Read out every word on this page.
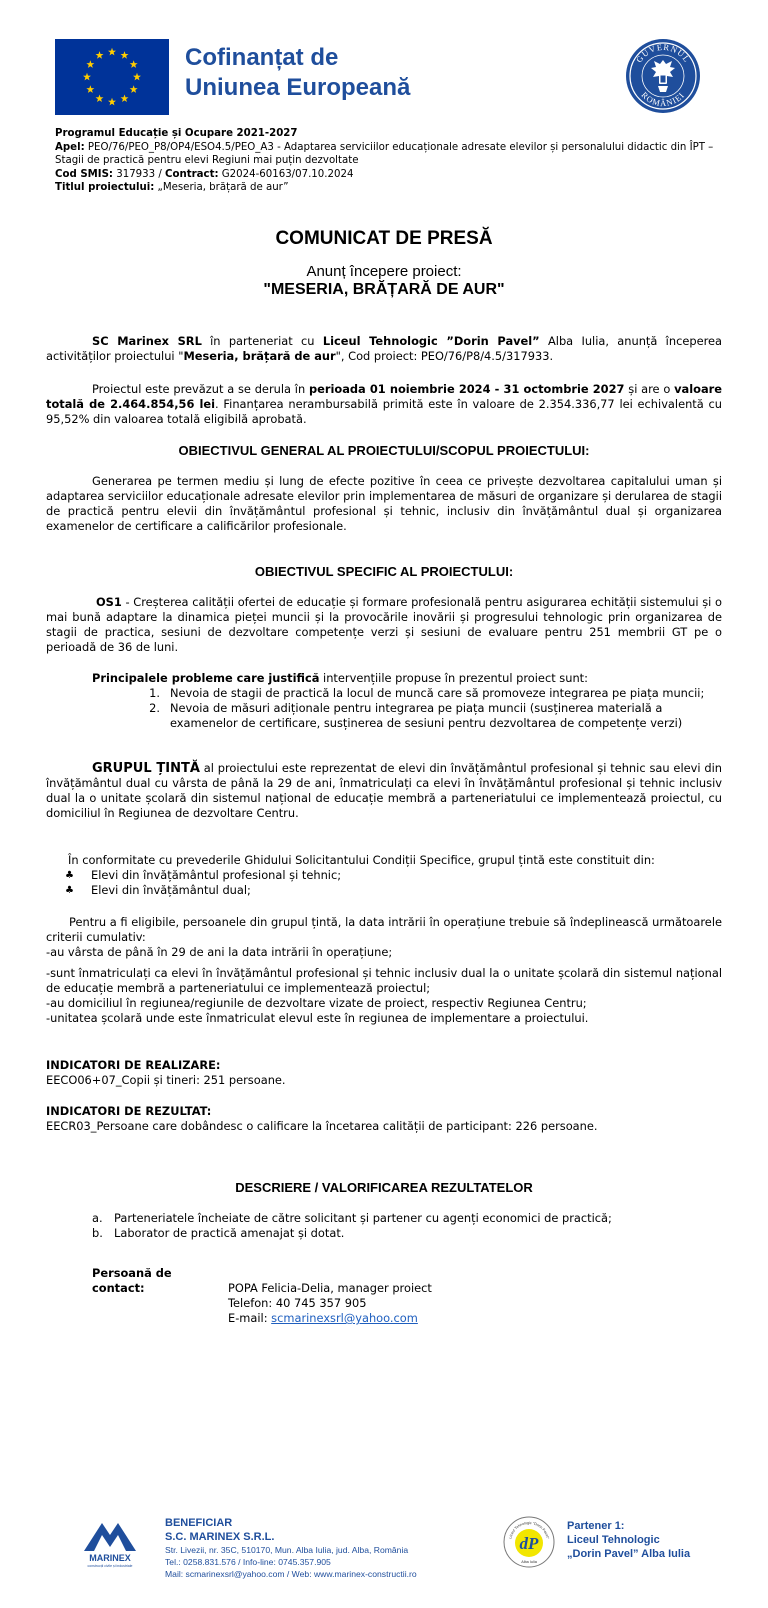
Cofinanțat de
Uniunea Europeană
GUVERNUL
ROMÂNIEI
Programul Educație și Ocupare 2021-2027
Apel: PEO/76/PEO_P8/OP4/ESO4.5/PEO_A3 - Adaptarea serviciilor educaționale adresate elevilor și personalului didactic din ÎPT – Stagii de practică pentru elevi Regiuni mai puțin dezvoltate
Cod SMIS: 317933 / Contract: G2024-60163/07.10.2024
Titlul proiectului: „Meseria, brățară de aur”
COMUNICAT DE PRESĂ
Anunț începere proiect:
"MESERIA, BRĂȚARĂ DE AUR"
SC Marinex SRL în parteneriat cu Liceul Tehnologic ”Dorin Pavel” Alba Iulia, anunță începerea activităților proiectului "Meseria, brățară de aur", Cod proiect: PEO/76/P8/4.5/317933.
Proiectul este prevăzut a se derula în perioada 01 noiembrie 2024 - 31 octombrie 2027 și are o valoare totală de 2.464.854,56 lei. Finanțarea nerambursabilă primită este în valoare de 2.354.336,77 lei echivalentă cu 95,52% din valoarea totală eligibilă aprobată.
OBIECTIVUL GENERAL AL PROIECTULUI/SCOPUL PROIECTULUI:
Generarea pe termen mediu și lung de efecte pozitive în ceea ce privește dezvoltarea capitalului uman și adaptarea serviciilor educaționale adresate elevilor prin implementarea de măsuri de organizare și derularea de stagii de practică pentru elevii din învățământul profesional și tehnic, inclusiv din învățământul dual și organizarea examenelor de certificare a calificărilor profesionale.
OBIECTIVUL SPECIFIC AL PROIECTULUI:
OS1 - Creșterea calității ofertei de educație și formare profesională pentru asigurarea echității sistemului și o mai bună adaptare la dinamica pieței muncii și la provocările inovării și progresului tehnologic prin organizarea de stagii de practica, sesiuni de dezvoltare competențe verzi și sesiuni de evaluare pentru 251 membrii GT pe o perioadă de 36 de luni.
Principalele probleme care justifică intervențiile propuse în prezentul proiect sunt:
1. Nevoia de stagii de practică la locul de muncă care să promoveze integrarea pe piața muncii;
2. Nevoia de măsuri adiționale pentru integrarea pe piața muncii (susținerea materială a examenelor de certificare, susținerea de sesiuni pentru dezvoltarea de competențe verzi)
GRUPUL ȚINTĂ al proiectului este reprezentat de elevi din învățământul profesional și tehnic sau elevi din învățământul dual cu vârsta de până la 29 de ani, înmatriculați ca elevi în învățământul profesional și tehnic inclusiv dual la o unitate școlară din sistemul național de educație membră a parteneriatului ce implementează proiectul, cu domiciliul în Regiunea de dezvoltare Centru.
În conformitate cu prevederile Ghidului Solicitantului Condiții Specifice, grupul țintă este constituit din:
♣	Elevi din învățământul profesional și tehnic;
♣	Elevi din învățământul dual;
Pentru a fi eligibile, persoanele din grupul țintă, la data intrării în operațiune trebuie să îndeplinească următoarele criterii cumulativ:
-au vârsta de până în 29 de ani la data intrării în operațiune;
-sunt înmatriculați ca elevi în învățământul profesional și tehnic inclusiv dual la o unitate școlară din sistemul național de educație membră a parteneriatului ce implementează proiectul;
-au domiciliul în regiunea/regiunile de dezvoltare vizate de proiect, respectiv Regiunea Centru;
-unitatea școlară unde este înmatriculat elevul este în regiunea de implementare a proiectului.
INDICATORI DE REALIZARE:
EECO06+07_Copii și tineri: 251 persoane.
INDICATORI DE REZULTAT:
EECR03_Persoane care dobândesc o calificare la încetarea calității de participant: 226 persoane.
DESCRIERE / VALORIFICAREA REZULTATELOR
a. Parteneriatele încheiate de către solicitant și partener cu agenți economici de practică;
b. Laborator de practică amenajat și dotat.
Persoană de contact:	POPA Felicia-Delia, manager proiect
Telefon: 40 745 357 905
E-mail: scmarinexsrl@yahoo.com
MARINEX
construcții civile și industriale
BENEFICIAR
S.C. MARINEX S.R.L.
Str. Livezii, nr. 35C, 510170, Mun. Alba Iulia, jud. Alba, România
Tel.: 0258.831.576 / Info-line: 0745.357.905
Mail: scmarinexsrl@yahoo.com / Web: www.marinex-constructii.ro
dP
Liceul Tehnologic "Dorin Pavel"
Alba Iulia
Partener 1:
Liceul Tehnologic
„Dorin Pavel” Alba Iulia
